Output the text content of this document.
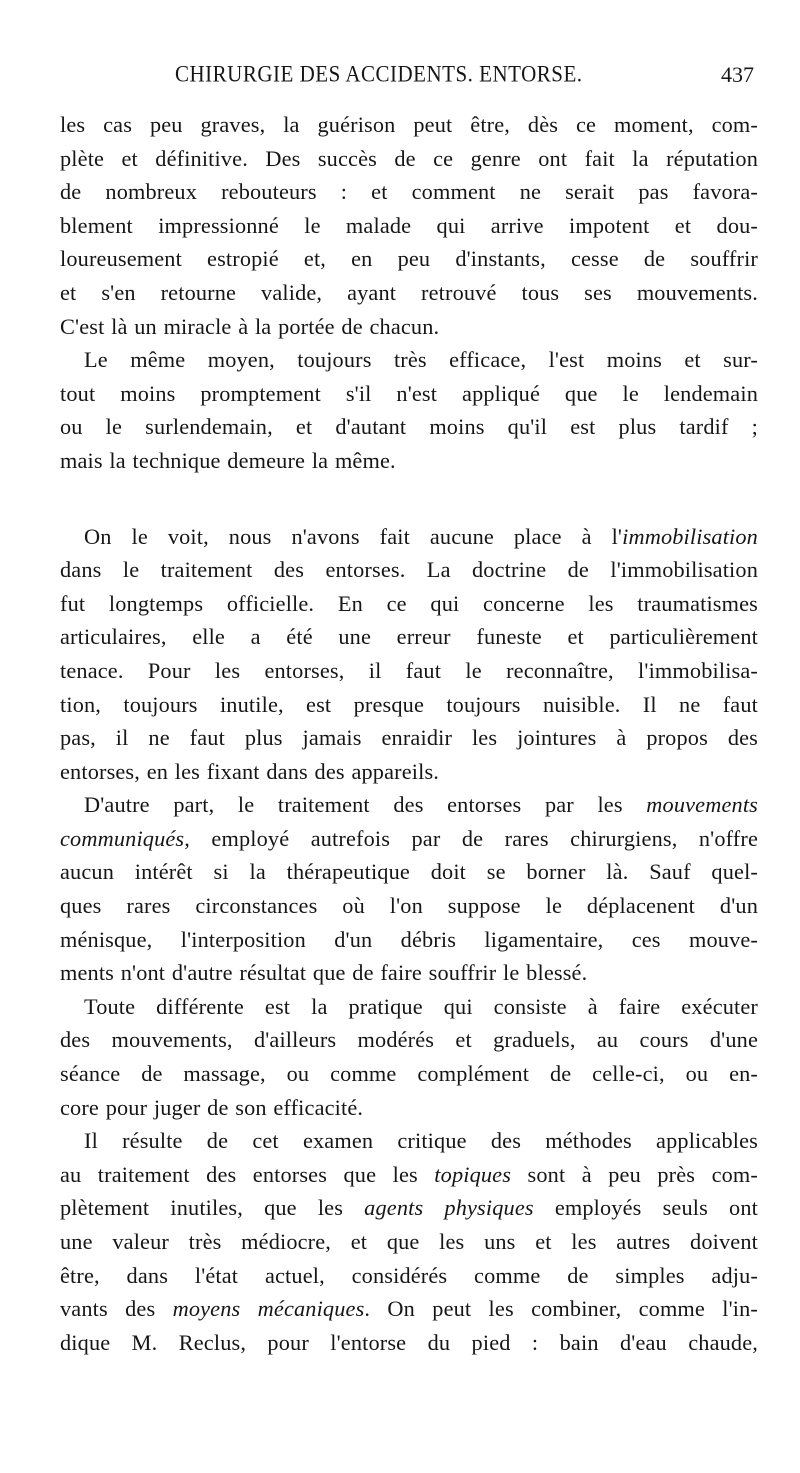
CHIRURGIE DES ACCIDENTS. ENTORSE.	437
les cas peu graves, la guérison peut être, dès ce moment, com-
plète et définitive. Des succès de ce genre ont fait la réputation
de nombreux rebouteurs : et comment ne serait pas favora-
blement impressionné le malade qui arrive impotent et dou-
loureusement estropié et, en peu d'instants, cesse de souffrir
et s'en retourne valide, ayant retrouvé tous ses mouvements.
C'est là un miracle à la portée de chacun.
Le même moyen, toujours très efficace, l'est moins et sur-
tout moins promptement s'il n'est appliqué que le lendemain
ou le surlendemain, et d'autant moins qu'il est plus tardif ;
mais la technique demeure la même.
On le voit, nous n'avons fait aucune place à l'immobilisation
dans le traitement des entorses. La doctrine de l'immobilisation
fut longtemps officielle. En ce qui concerne les traumatismes
articulaires, elle a été une erreur funeste et particulièrement
tenace. Pour les entorses, il faut le reconnaître, l'immobilisa-
tion, toujours inutile, est presque toujours nuisible. Il ne faut
pas, il ne faut plus jamais enraidir les jointures à propos des
entorses, en les fixant dans des appareils.
D'autre part, le traitement des entorses par les mouvements
communiqués, employé autrefois par de rares chirurgiens, n'offre
aucun intérêt si la thérapeutique doit se borner là. Sauf quel-
ques rares circonstances où l'on suppose le déplacenent d'un
ménisque, l'interposition d'un débris ligamentaire, ces mouve-
ments n'ont d'autre résultat que de faire souffrir le blessé.
Toute différente est la pratique qui consiste à faire exécuter
des mouvements, d'ailleurs modérés et graduels, au cours d'une
séance de massage, ou comme complément de celle-ci, ou en-
core pour juger de son efficacité.
Il résulte de cet examen critique des méthodes applicables
au traitement des entorses que les topiques sont à peu près com-
plètement inutiles, que les agents physiques employés seuls ont
une valeur très médiocre, et que les uns et les autres doivent
être, dans l'état actuel, considérés comme de simples adju-
vants des moyens mécaniques. On peut les combiner, comme l'in-
dique M. Reclus, pour l'entorse du pied : bain d'eau chaude,
